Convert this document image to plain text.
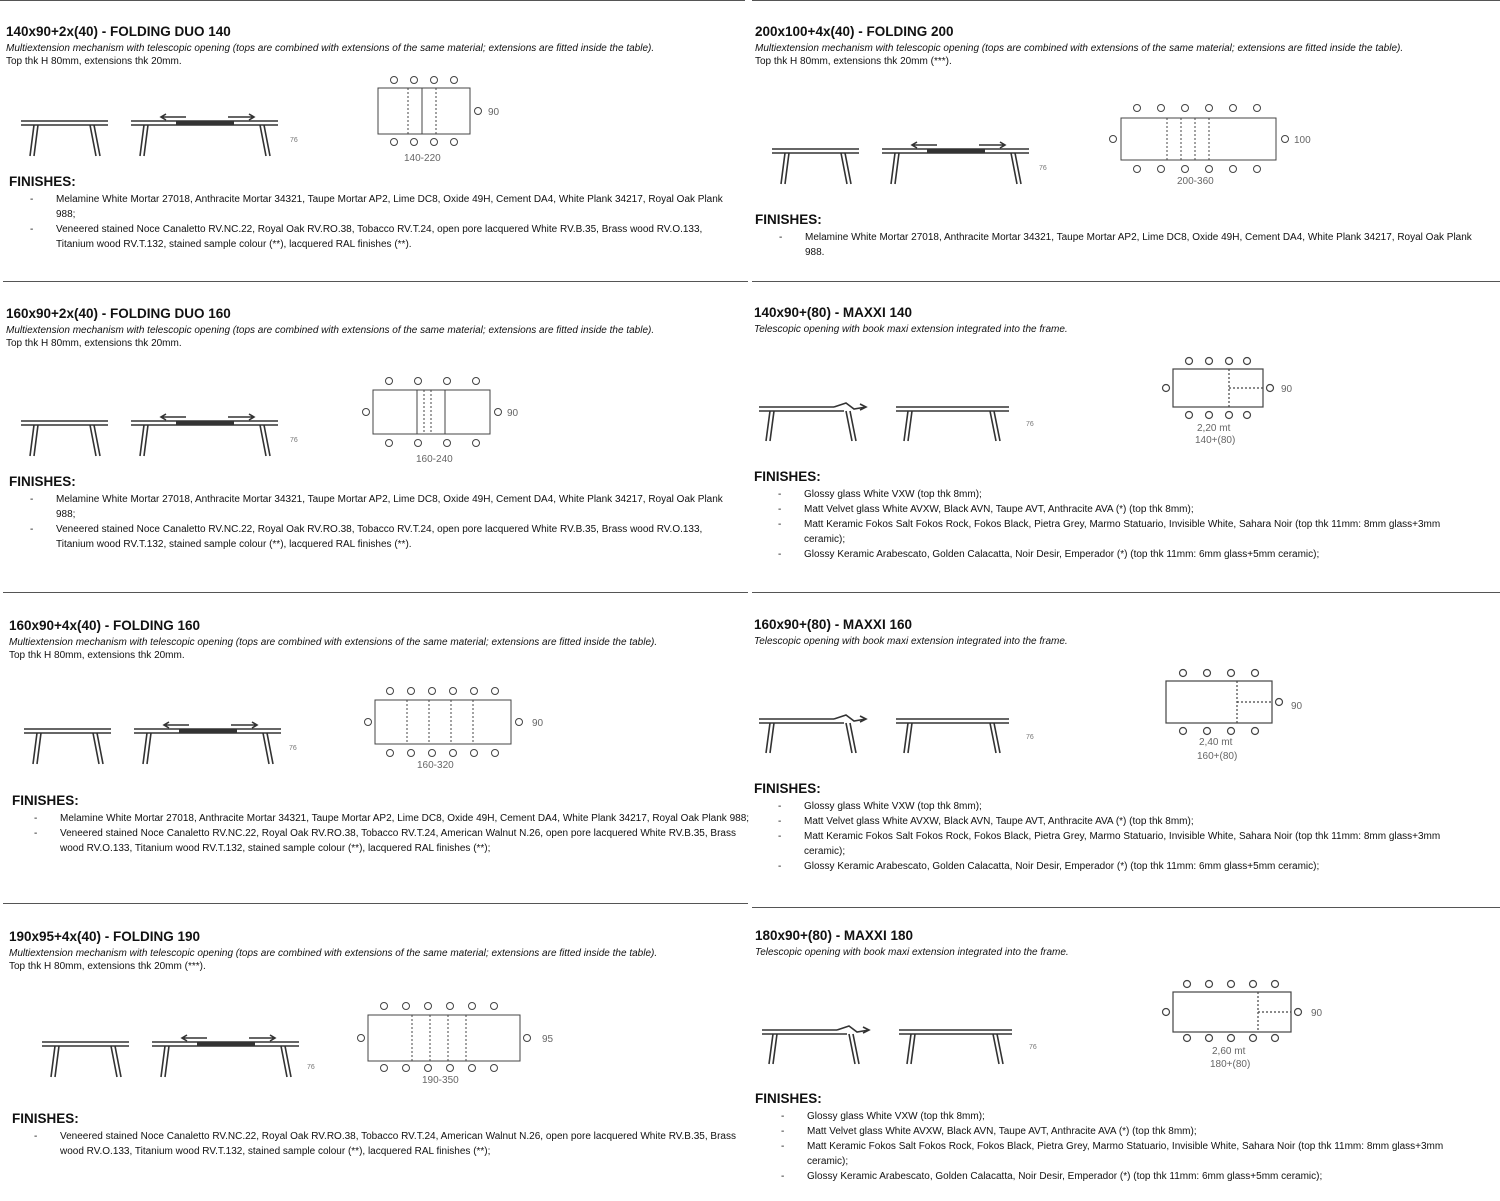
140x90+2x(40) - FOLDING DUO 140
Multiextension mechanism with telescopic opening (tops are combined with extensions of the same material; extensions are fitted inside the table).
Top thk H 80mm, extensions thk 20mm.
76
90
140-220
FINISHES:
- Melamine White Mortar 27018, Anthracite Mortar 34321, Taupe Mortar AP2, Lime DC8, Oxide 49H, Cement DA4, White Plank 34217, Royal Oak Plank 988;
- Veneered stained Noce Canaletto RV.NC.22, Royal Oak RV.RO.38, Tobacco RV.T.24, open pore lacquered White RV.B.35, Brass wood RV.O.133, Titanium wood RV.T.132, stained sample colour (**), lacquered RAL finishes (**).
200x100+4x(40) - FOLDING 200
Multiextension mechanism with telescopic opening (tops are combined with extensions of the same material; extensions are fitted inside the table).
Top thk H 80mm, extensions thk 20mm (***).
76
100
200-360
FINISHES:
- Melamine White Mortar 27018, Anthracite Mortar 34321, Taupe Mortar AP2, Lime DC8, Oxide 49H, Cement DA4, White Plank 34217, Royal Oak Plank 988.
160x90+2x(40) - FOLDING DUO 160
Multiextension mechanism with telescopic opening (tops are combined with extensions of the same material; extensions are fitted inside the table).
Top thk H 80mm, extensions thk 20mm.
76
90
160-240
FINISHES:
- Melamine White Mortar 27018, Anthracite Mortar 34321, Taupe Mortar AP2, Lime DC8, Oxide 49H, Cement DA4, White Plank 34217, Royal Oak Plank 988;
- Veneered stained Noce Canaletto RV.NC.22, Royal Oak RV.RO.38, Tobacco RV.T.24, open pore lacquered White RV.B.35, Brass wood RV.O.133, Titanium wood RV.T.132, stained sample colour (**), lacquered RAL finishes (**).
140x90+(80) - MAXXI 140
Telescopic opening with book maxi extension integrated into the frame.
76
90
2,20 mt
140+(80)
FINISHES:
- Glossy glass White VXW (top thk 8mm);
- Matt Velvet glass White AVXW, Black AVN, Taupe AVT, Anthracite AVA (*) (top thk 8mm);
- Matt Keramic Fokos Salt Fokos Rock, Fokos Black, Pietra Grey, Marmo Statuario, Invisible White, Sahara Noir (top thk 11mm: 8mm glass+3mm ceramic);
- Glossy Keramic Arabescato, Golden Calacatta, Noir Desir, Emperador (*) (top thk 11mm: 6mm glass+5mm ceramic);
160x90+4x(40) - FOLDING 160
Multiextension mechanism with telescopic opening (tops are combined with extensions of the same material; extensions are fitted inside the table).
Top thk H 80mm, extensions thk 20mm.
76
90
160-320
FINISHES:
- Melamine White Mortar 27018, Anthracite Mortar 34321, Taupe Mortar AP2, Lime DC8, Oxide 49H, Cement DA4, White Plank 34217, Royal Oak Plank 988;
- Veneered stained Noce Canaletto RV.NC.22, Royal Oak RV.RO.38, Tobacco RV.T.24, American Walnut N.26, open pore lacquered White RV.B.35, Brass wood RV.O.133, Titanium wood RV.T.132, stained sample colour (**), lacquered RAL finishes (**);
160x90+(80) - MAXXI 160
Telescopic opening with book maxi extension integrated into the frame.
76
90
2,40 mt
160+(80)
FINISHES:
- Glossy glass White VXW (top thk 8mm);
- Matt Velvet glass White AVXW, Black AVN, Taupe AVT, Anthracite AVA (*) (top thk 8mm);
- Matt Keramic Fokos Salt Fokos Rock, Fokos Black, Pietra Grey, Marmo Statuario, Invisible White, Sahara Noir (top thk 11mm: 8mm glass+3mm ceramic);
- Glossy Keramic Arabescato, Golden Calacatta, Noir Desir, Emperador (*) (top thk 11mm: 6mm glass+5mm ceramic);
190x95+4x(40) - FOLDING 190
Multiextension mechanism with telescopic opening (tops are combined with extensions of the same material; extensions are fitted inside the table).
Top thk H 80mm, extensions thk 20mm (***).
76
95
190-350
FINISHES:
- Veneered stained Noce Canaletto RV.NC.22, Royal Oak RV.RO.38, Tobacco RV.T.24, American Walnut N.26, open pore lacquered White RV.B.35, Brass wood RV.O.133, Titanium wood RV.T.132, stained sample colour (**), lacquered RAL finishes (**);
180x90+(80) - MAXXI 180
Telescopic opening with book maxi extension integrated into the frame.
76
90
2,60 mt
180+(80)
FINISHES:
- Glossy glass White VXW (top thk 8mm);
- Matt Velvet glass White AVXW, Black AVN, Taupe AVT, Anthracite AVA (*) (top thk 8mm);
- Matt Keramic Fokos Salt Fokos Rock, Fokos Black, Pietra Grey, Marmo Statuario, Invisible White, Sahara Noir (top thk 11mm: 8mm glass+3mm ceramic);
- Glossy Keramic Arabescato, Golden Calacatta, Noir Desir, Emperador (*) (top thk 11mm: 6mm glass+5mm ceramic);
